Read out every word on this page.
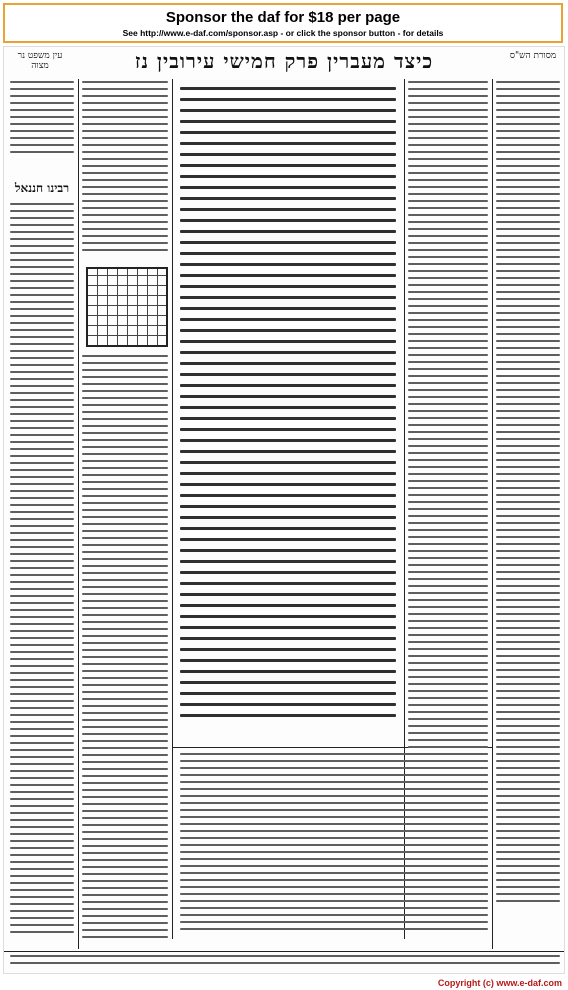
Sponsor the daf for $18 per page
See http://www.e-daf.com/sponsor.asp - or click the sponsor button - for details
עין משפט נר מצוה	כיצד מעברין פרק חמישי עירובין נז	מסורת הש"ס
רבינו חננאל
Copyright (c) www.e-daf.com
